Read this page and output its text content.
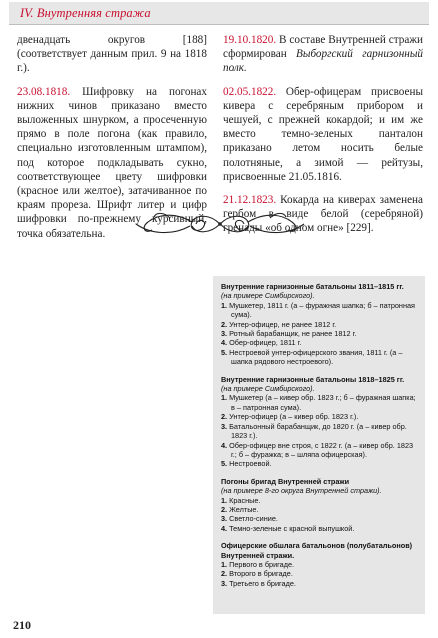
IV. Внутренняя стража

двенадцать округов [188] (соответствует данным прил. 9 на 1818 г.).

23.08.1818. Шифровку на погонах нижних чинов приказано вместо выложенных шнурком, а просеченную прямо в поле погона (как правило, специально изготовленным штампом), под которое подкладывать сукно, соответствующее цвету шифровки (красное или желтое), затачиванное по краям прореза. Шрифт литер и цифр шифровки по-прежнему курсивный, точка обязательна.

19.10.1820. В составе Внутренней стражи сформирован Выборгский гарнизонный полк.

02.05.1822. Обер-офицерам присвоены кивера с серебряным прибором и чешуей, с прежней кокардой; и им же вместо темно-зеленых панталон приказано летом носить белые полотняные, а зимой — рейтузы, присвоенные 21.05.1816.

21.12.1823. Кокарда на киверах заменена гербом в виде белой (серебряной) гренады «об одном огне» [229].

Внутренние гарнизонные батальоны 1811–1815 гг.
(на примере Симбирского).
1. Мушкетер, 1811 г. (а – фуражная шапка; б – патронная сума).
2. Унтер-офицер, не ранее 1812 г.
3. Ротный барабанщик, не ранее 1812 г.
4. Обер-офицер, 1811 г.
5. Нестроевой унтер-офицерского звания, 1811 г. (а – шапка рядового нестроевого).
Внутренние гарнизонные батальоны 1818–1825 гг.
(на примере Симбирского).
1. Мушкетер (а – кивер обр. 1823 г.; б – фуражная шапка; в – патронная сума).
2. Унтер-офицер (а – кивер обр. 1823 г.).
3. Батальонный барабанщик, до 1820 г. (а – кивер обр. 1823 г.).
4. Обер-офицер вне строя, с 1822 г. (а – кивер обр. 1823 г.; б – фуражка; в – шляпа офицерская).
5. Нестроевой.
Погоны бригад Внутренней стражи
(на примере 8-го округа Внутренней стражи).
1. Красные.
2. Желтые.
3. Светло-синие.
4. Темно-зеленые с красной выпушкой.
Офицерские обшлага батальонов (полубатальонов) Внутренней стражи.
1. Первого в бригаде.
2. Второго в бригаде.
3. Третьего в бригаде.
210
